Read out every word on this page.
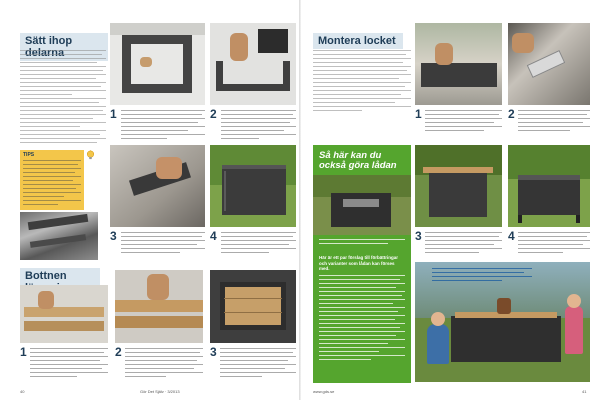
Sätt ihop
TIPS
1	2
3	4
Bottnen
1	2	3
40	Gör Det Själv · 3/2013
Montera locket
1	2
Så här kan du också göra lådan
Här är ett par förslag till förbättringar och varianter som lådan kan förses med.
3	4
www.gds.se	41
